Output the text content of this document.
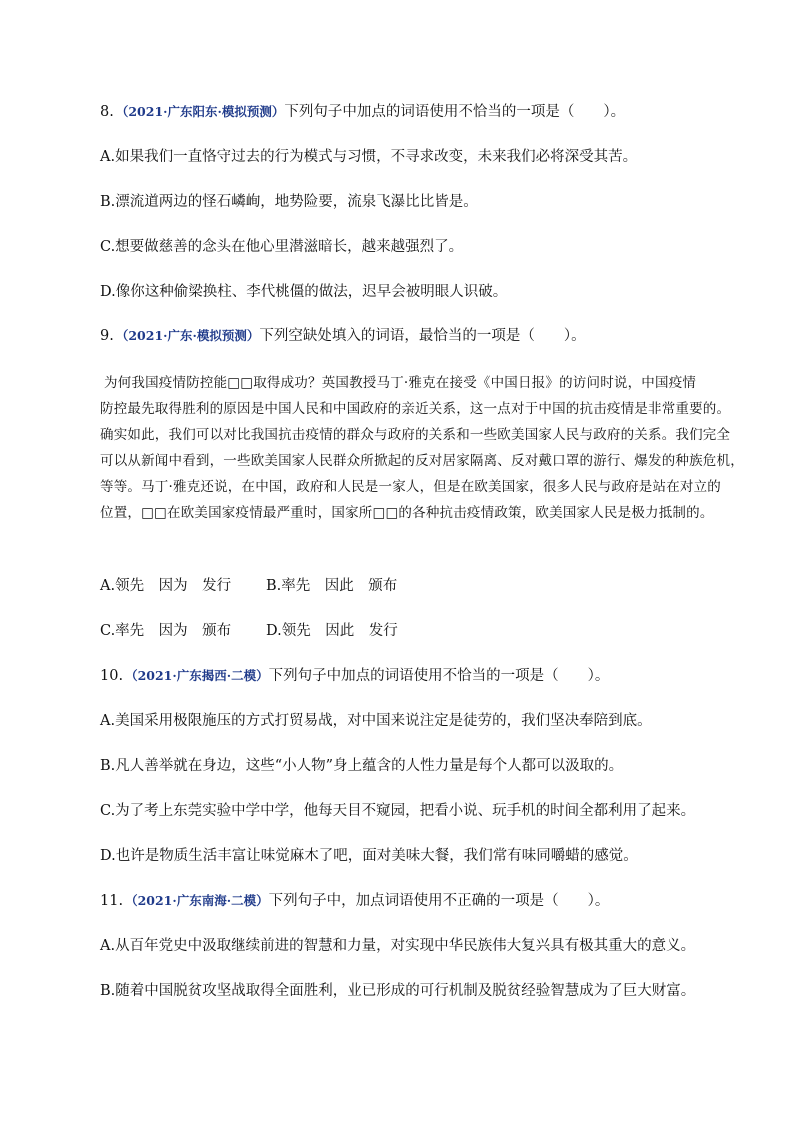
8. （2021·广东阳东·模拟预测）下列句子中加点的词语使用不恰当的一项是（　　）。
A.如果我们一直恪守过去的行为模式与习惯，不寻求改变，未来我们必将深受其苦。
B.漂流道两边的怪石嶙峋，地势险要，流泉飞瀑比比皆是。
C.想要做慈善的念头在他心里潜滋暗长，越来越强烈了。
D.像你这种偷梁换柱、李代桃僵的做法，迟早会被明眼人识破。
9. （2021·广东·模拟预测）下列空缺处填入的词语，最恰当的一项是（　　）。
为何我国疫情防控能□□取得成功？英国教授马丁·雅克在接受《中国日报》的访问时说，中国疫情
防控最先取得胜利的原因是中国人民和中国政府的亲近关系，这一点对于中国的抗击疫情是非常重要的。
确实如此，我们可以对比我国抗击疫情的群众与政府的关系和一些欧美国家人民与政府的关系。我们完全
可以从新闻中看到，一些欧美国家人民群众所掀起的反对居家隔离、反对戴口罩的游行、爆发的种族危机，
等等。马丁·雅克还说，在中国，政府和人民是一家人，但是在欧美国家，很多人民与政府是站在对立的
位置，□□在欧美国家疫情最严重时，国家所□□的各种抗击疫情政策，欧美国家人民是极力抵制的。
A.领先　因为　发行 B.率先　因此　颁布
C.率先　因为　颁布 D.领先　因此　发行
10. （2021·广东揭西·二模）下列句子中加点的词语使用不恰当的一项是（　　）。
A.美国采用极限施压的方式打贸易战，对中国来说注定是徒劳的，我们坚决奉陪到底。
B.凡人善举就在身边，这些“小人物”身上蕴含的人性力量是每个人都可以汲取的。
C.为了考上东莞实验中学中学，他每天目不窥园，把看小说、玩手机的时间全都利用了起来。
D.也许是物质生活丰富让味觉麻木了吧，面对美味大餐，我们常有味同嚼蜡的感觉。
11. （2021·广东南海·二模）下列句子中，加点词语使用不正确的一项是（　　）。
A.从百年党史中汲取继续前进的智慧和力量，对实现中华民族伟大复兴具有极其重大的意义。
B.随着中国脱贫攻坚战取得全面胜利，业已形成的可行机制及脱贫经验智慧成为了巨大财富。
